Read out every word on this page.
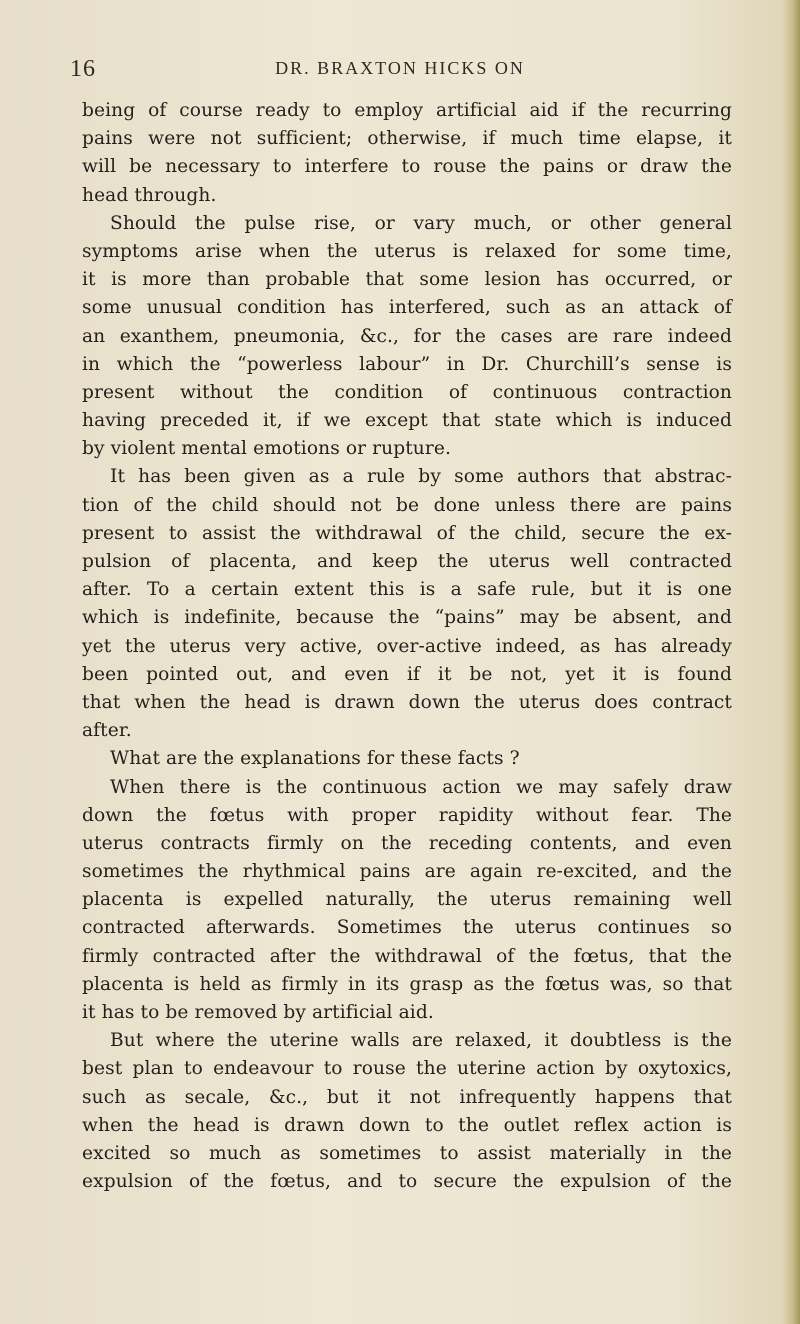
16	DR. BRAXTON HICKS ON
being of course ready to employ artificial aid if the recurring
pains were not sufficient; otherwise, if much time elapse, it
will be necessary to interfere to rouse the pains or draw the
head through.
Should the pulse rise, or vary much, or other general
symptoms arise when the uterus is relaxed for some time,
it is more than probable that some lesion has occurred, or
some unusual condition has interfered, such as an attack of
an exanthem, pneumonia, &c., for the cases are rare indeed
in which the “powerless labour” in Dr. Churchill’s sense is
present without the condition of continuous contraction
having preceded it, if we except that state which is induced
by violent mental emotions or rupture.
It has been given as a rule by some authors that abstrac-
tion of the child should not be done unless there are pains
present to assist the withdrawal of the child, secure the ex-
pulsion of placenta, and keep the uterus well contracted
after. To a certain extent this is a safe rule, but it is one
which is indefinite, because the “pains” may be absent, and
yet the uterus very active, over-active indeed, as has already
been pointed out, and even if it be not, yet it is found
that when the head is drawn down the uterus does contract
after.
What are the explanations for these facts ?
When there is the continuous action we may safely draw
down the fœtus with proper rapidity without fear. The
uterus contracts firmly on the receding contents, and even
sometimes the rhythmical pains are again re-excited, and the
placenta is expelled naturally, the uterus remaining well
contracted afterwards. Sometimes the uterus continues so
firmly contracted after the withdrawal of the fœtus, that the
placenta is held as firmly in its grasp as the fœtus was, so that
it has to be removed by artificial aid.
But where the uterine walls are relaxed, it doubtless is the
best plan to endeavour to rouse the uterine action by oxytoxics,
such as secale, &c., but it not infrequently happens that
when the head is drawn down to the outlet reflex action is
excited so much as sometimes to assist materially in the
expulsion of the fœtus, and to secure the expulsion of the
